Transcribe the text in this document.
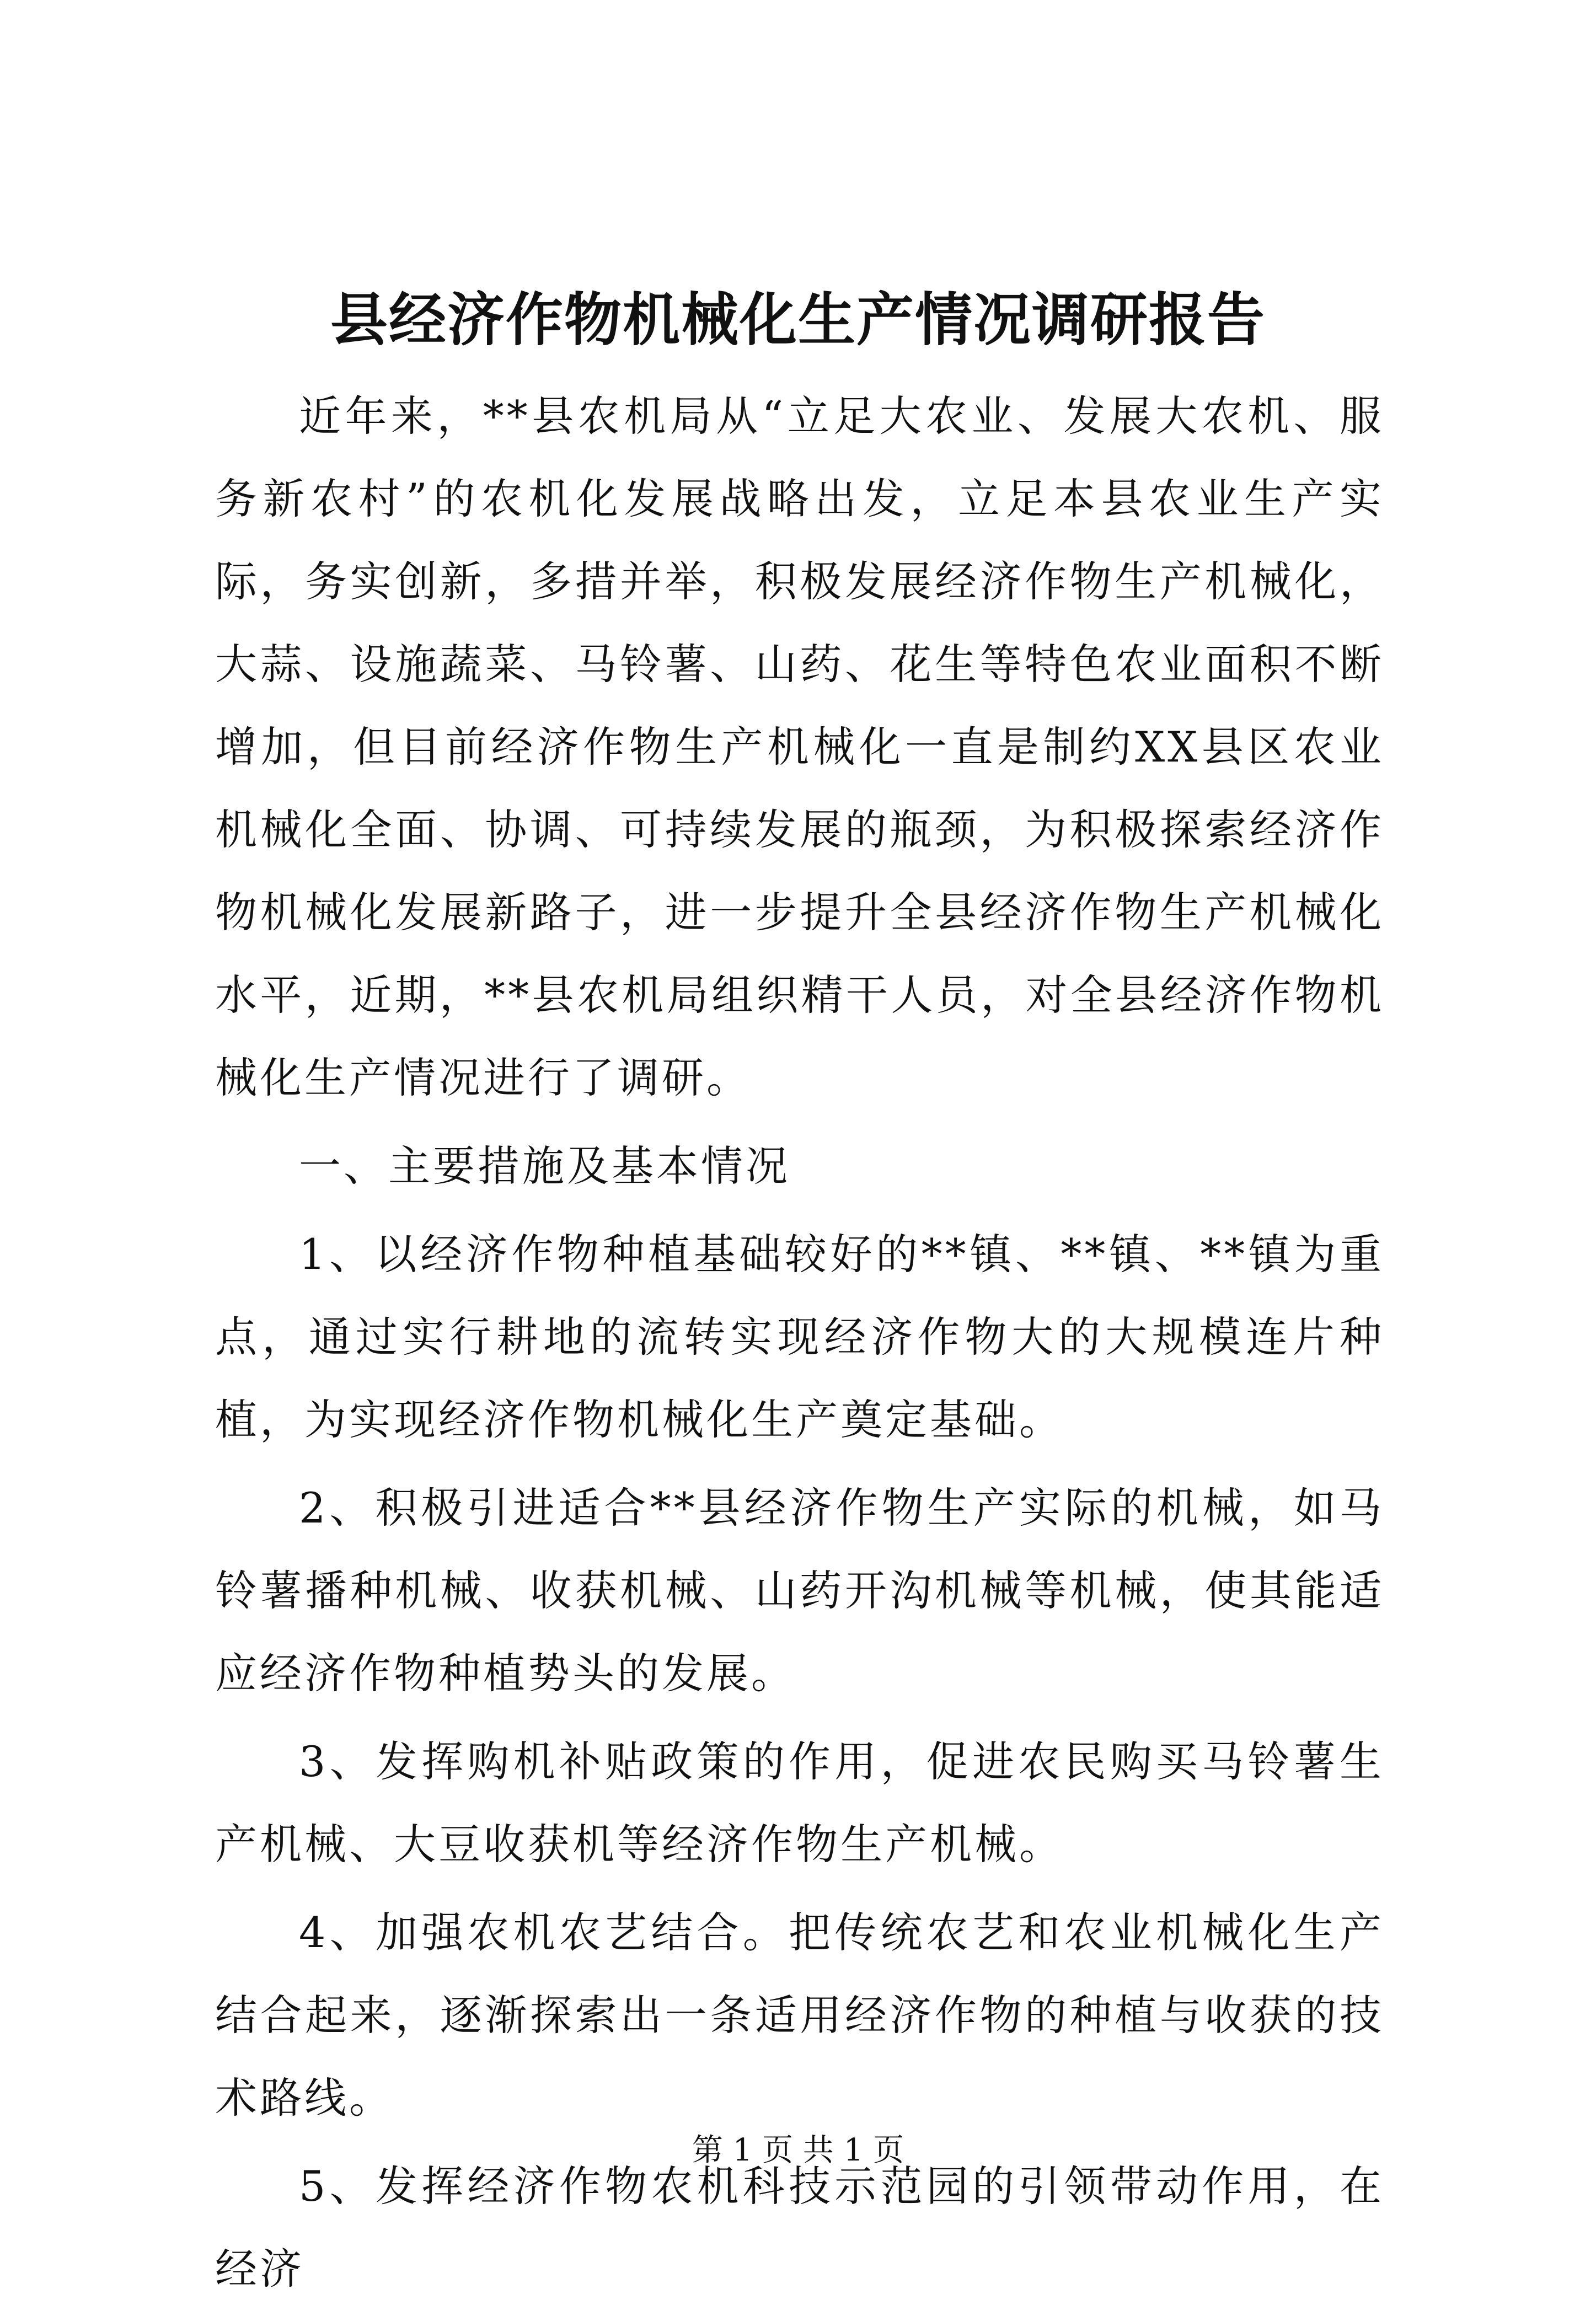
县经济作物机械化生产情况调研报告

近年来，**县农机局从“立足大农业、发展大农机、服务新农村”的农机化发展战略出发，立足本县农业生产实际，务实创新，多措并举，积极发展经济作物生产机械化，大蒜、设施蔬菜、马铃薯、山药、花生等特色农业面积不断增加，但目前经济作物生产机械化一直是制约XX县区农业机械化全面、协调、可持续发展的瓶颈，为积极探索经济作物机械化发展新路子，进一步提升全县经济作物生产机械化水平，近期，**县农机局组织精干人员，对全县经济作物机械化生产情况进行了调研。

一、主要措施及基本情况

1、以经济作物种植基础较好的**镇、**镇、**镇为重点，通过实行耕地的流转实现经济作物大的大规模连片种植，为实现经济作物机械化生产奠定基础。

2、积极引进适合**县经济作物生产实际的机械，如马铃薯播种机械、收获机械、山药开沟机械等机械，使其能适应经济作物种植势头的发展。

3、发挥购机补贴政策的作用，促进农民购买马铃薯生产机械、大豆收获机等经济作物生产机械。

4、加强农机农艺结合。把传统农艺和农业机械化生产结合起来，逐渐探索出一条适用经济作物的种植与收获的技术路线。

5、发挥经济作物农机科技示范园的引领带动作用，在经济

第 1 页 共 1 页
